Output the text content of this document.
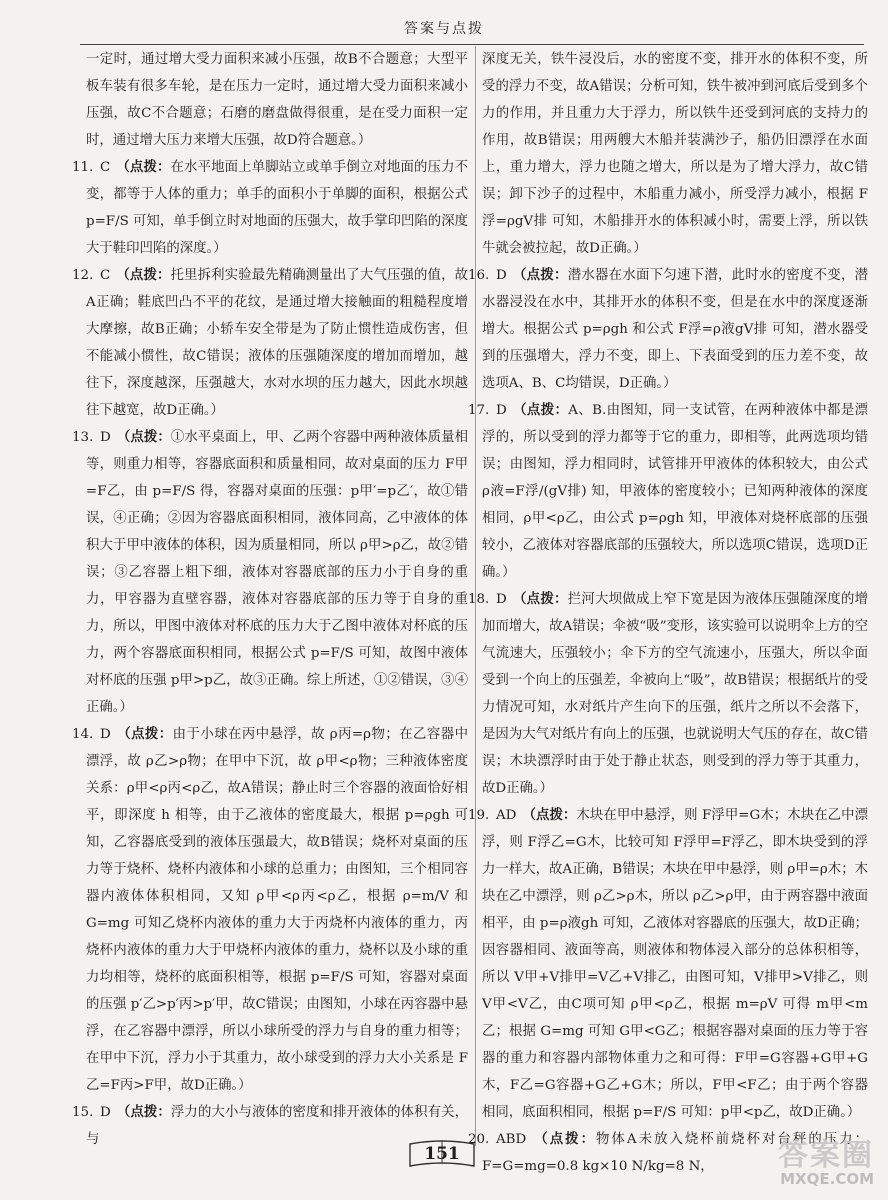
答案与点拨

一定时，通过增大受力面积来减小压强，故B不合题意；大型平板车装有很多车轮，是在压力一定时，通过增大受力面积来减小压强，故C不合题意；石磨的磨盘做得很重，是在受力面积一定时，通过增大压力来增大压强，故D符合题意。）

11. C （点拨：在水平地面上单脚站立或单手倒立对地面的压力不变，都等于人体的重力；单手的面积小于单脚的面积，根据公式 p=F/S 可知，单手倒立时对地面的压强大，故手掌印凹陷的深度大于鞋印凹陷的深度。）

12. C （点拨：托里拆利实验最先精确测量出了大气压强的值，故A正确；鞋底凹凸不平的花纹，是通过增大接触面的粗糙程度增大摩擦，故B正确；小轿车安全带是为了防止惯性造成伤害，但不能减小惯性，故C错误；液体的压强随深度的增加而增加，越往下，深度越深，压强越大，水对水坝的压力越大，因此水坝越往下越宽，故D正确。）

13. D （点拨：①水平桌面上，甲、乙两个容器中两种液体质量相等，则重力相等，容器底面积和质量相同，故对桌面的压力 F甲=F乙，由 p=F/S 得，容器对桌面的压强：p甲′=p乙′，故①错误，④正确；②因为容器底面积相同，液体同高，乙中液体的体积大于甲中液体的体积，因为质量相同，所以 ρ甲>ρ乙，故②错误；③乙容器上粗下细，液体对容器底部的压力小于自身的重力，甲容器为直壁容器，液体对容器底部的压力等于自身的重力，所以，甲图中液体对杯底的压力大于乙图中液体对杯底的压力，两个容器底面积相同，根据公式 p=F/S 可知，故图中液体对杯底的压强 p甲>p乙，故③正确。综上所述，①②错误，③④正确。）

14. D （点拨：由于小球在丙中悬浮，故 ρ丙=ρ物；在乙容器中漂浮，故 ρ乙>ρ物；在甲中下沉，故 ρ甲<ρ物；三种液体密度关系：ρ甲<ρ丙<ρ乙，故A错误；静止时三个容器的液面恰好相平，即深度 h 相等，由于乙液体的密度最大，根据 p=ρgh 可知，乙容器底受到的液体压强最大，故B错误；烧杯对桌面的压力等于烧杯、烧杯内液体和小球的总重力；由图知，三个相同容器内液体体积相同，又知 ρ甲<ρ丙<ρ乙，根据 ρ=m/V 和 G=mg 可知乙烧杯内液体的重力大于丙烧杯内液体的重力，丙烧杯内液体的重力大于甲烧杯内液体的重力，烧杯以及小球的重力均相等，烧杯的底面积相等，根据 p=F/S 可知，容器对桌面的压强 p′乙>p′丙>p′甲，故C错误；由图知，小球在丙容器中悬浮，在乙容器中漂浮，所以小球所受的浮力与自身的重力相等；在甲中下沉，浮力小于其重力，故小球受到的浮力大小关系是 F乙=F丙>F甲，故D正确。）

15. D （点拨：浮力的大小与液体的密度和排开液体的体积有关，与

深度无关，铁牛浸没后，水的密度不变，排开水的体积不变，所受的浮力不变，故A错误；分析可知，铁牛被冲到河底后受到多个力的作用，并且重力大于浮力，所以铁牛还受到河底的支持力的作用，故B错误；用两艘大木船并装满沙子，船仍旧漂浮在水面上，重力增大，浮力也随之增大，所以是为了增大浮力，故C错误；卸下沙子的过程中，木船重力减小，所受浮力减小，根据 F浮=ρgV排 可知，木船排开水的体积减小时，需要上浮，所以铁牛就会被拉起，故D正确。）

16. D （点拨：潜水器在水面下匀速下潜，此时水的密度不变，潜水器浸没在水中，其排开水的体积不变，但是在水中的深度逐渐增大。根据公式 p=ρgh 和公式 F浮=ρ液gV排 可知，潜水器受到的压强增大，浮力不变，即上、下表面受到的压力差不变，故选项A、B、C均错误，D正确。）

17. D （点拨：A、B.由图知，同一支试管，在两种液体中都是漂浮的，所以受到的浮力都等于它的重力，即相等，此两选项均错误；由图知，浮力相同时，试管排开甲液体的体积较大，由公式 ρ液=F浮/(gV排) 知，甲液体的密度较小；已知两种液体的深度相同，ρ甲<ρ乙，由公式 p=ρgh 知，甲液体对烧杯底部的压强较小，乙液体对容器底部的压强较大，所以选项C错误，选项D正确。）

18. D （点拨：拦河大坝做成上窄下宽是因为液体压强随深度的增加而增大，故A错误；伞被“吸”变形，该实验可以说明伞上方的空气流速大，压强较小；伞下方的空气流速小，压强大，所以伞面受到一个向上的压强差，伞被向上“吸”，故B错误；根据纸片的受力情况可知，水对纸片产生向下的压强，纸片之所以不会落下，是因为大气对纸片有向上的压强，也就说明大气压的存在，故C错误；木块漂浮时由于处于静止状态，则受到的浮力等于其重力，故D正确。）

19. AD （点拨：木块在甲中悬浮，则 F浮甲=G木；木块在乙中漂浮，则 F浮乙=G木，比较可知 F浮甲=F浮乙，即木块受到的浮力一样大，故A正确，B错误；木块在甲中悬浮，则 ρ甲=ρ木；木块在乙中漂浮，则 ρ乙>ρ木，所以 ρ乙>ρ甲，由于两容器中液面相平，由 p=ρ液gh 可知，乙液体对容器底的压强大，故D正确；因容器相同、液面等高，则液体和物体浸入部分的总体积相等，所以 V甲+V排甲=V乙+V排乙，由图可知，V排甲>V排乙，则 V甲<V乙，由C项可知 ρ甲<ρ乙，根据 m=ρV 可得 m甲<m乙；根据 G=mg 可知 G甲<G乙；根据容器对桌面的压力等于容器的重力和容器内部物体重力之和可得：F甲=G容器+G甲+G木，F乙=G容器+G乙+G木；所以，F甲<F乙；由于两个容器相同，底面积相同，根据 p=F/S 可知：p甲<p乙，故D正确。）

20. ABD （点拨：物体A未放入烧杯前烧杯对台秤的压力：F=G=mg=0.8 kg×10 N/kg=8 N，

151	答案圈
MXQE.COM
